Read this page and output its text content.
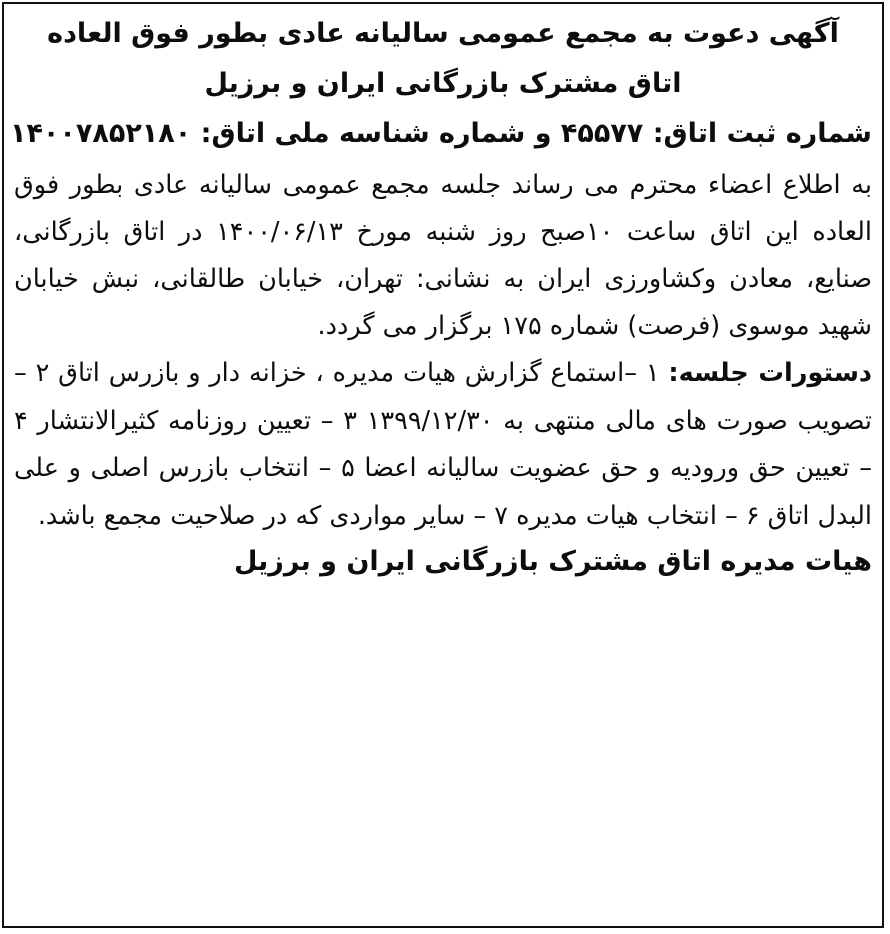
آگهی دعوت به مجمع عمومی سالیانه عادی بطور فوق العاده
اتاق مشترک بازرگانی ایران و برزیل
شماره ثبت اتاق: ۴۵۵۷۷ و شماره شناسه ملی اتاق: ۱۴۰۰۷۸۵۲۱۸۰

به اطلاع اعضاء محترم می رساند جلسه مجمع عمومی سالیانه عادی بطور فوق العاده این اتاق ساعت ۱۰صبح روز شنبه مورخ ۱۴۰۰/۰۶/۱۳ در اتاق بازرگانی، صنایع، معادن وکشاورزی ایران به نشانی: تهران، خیابان طالقانی، نبش خیابان شهید موسوی (فرصت) شماره ۱۷۵ برگزار می گردد.

دستورات جلسه: ۱ –استماع گزارش هیات مدیره ، خزانه دار و بازرس اتاق ۲ –تصویب صورت های مالی منتهی به ۱۳۹۹/۱۲/۳۰ ۳ – تعیین روزنامه کثیرالانتشار ۴ – تعیین حق ورودیه و حق عضویت سالیانه اعضا ۵ – انتخاب بازرس اصلی و علی البدل اتاق ۶ – انتخاب هیات مدیره ۷ – سایر مواردی که در صلاحیت مجمع باشد.

هیات مدیره اتاق مشترک بازرگانی ایران و برزیل
